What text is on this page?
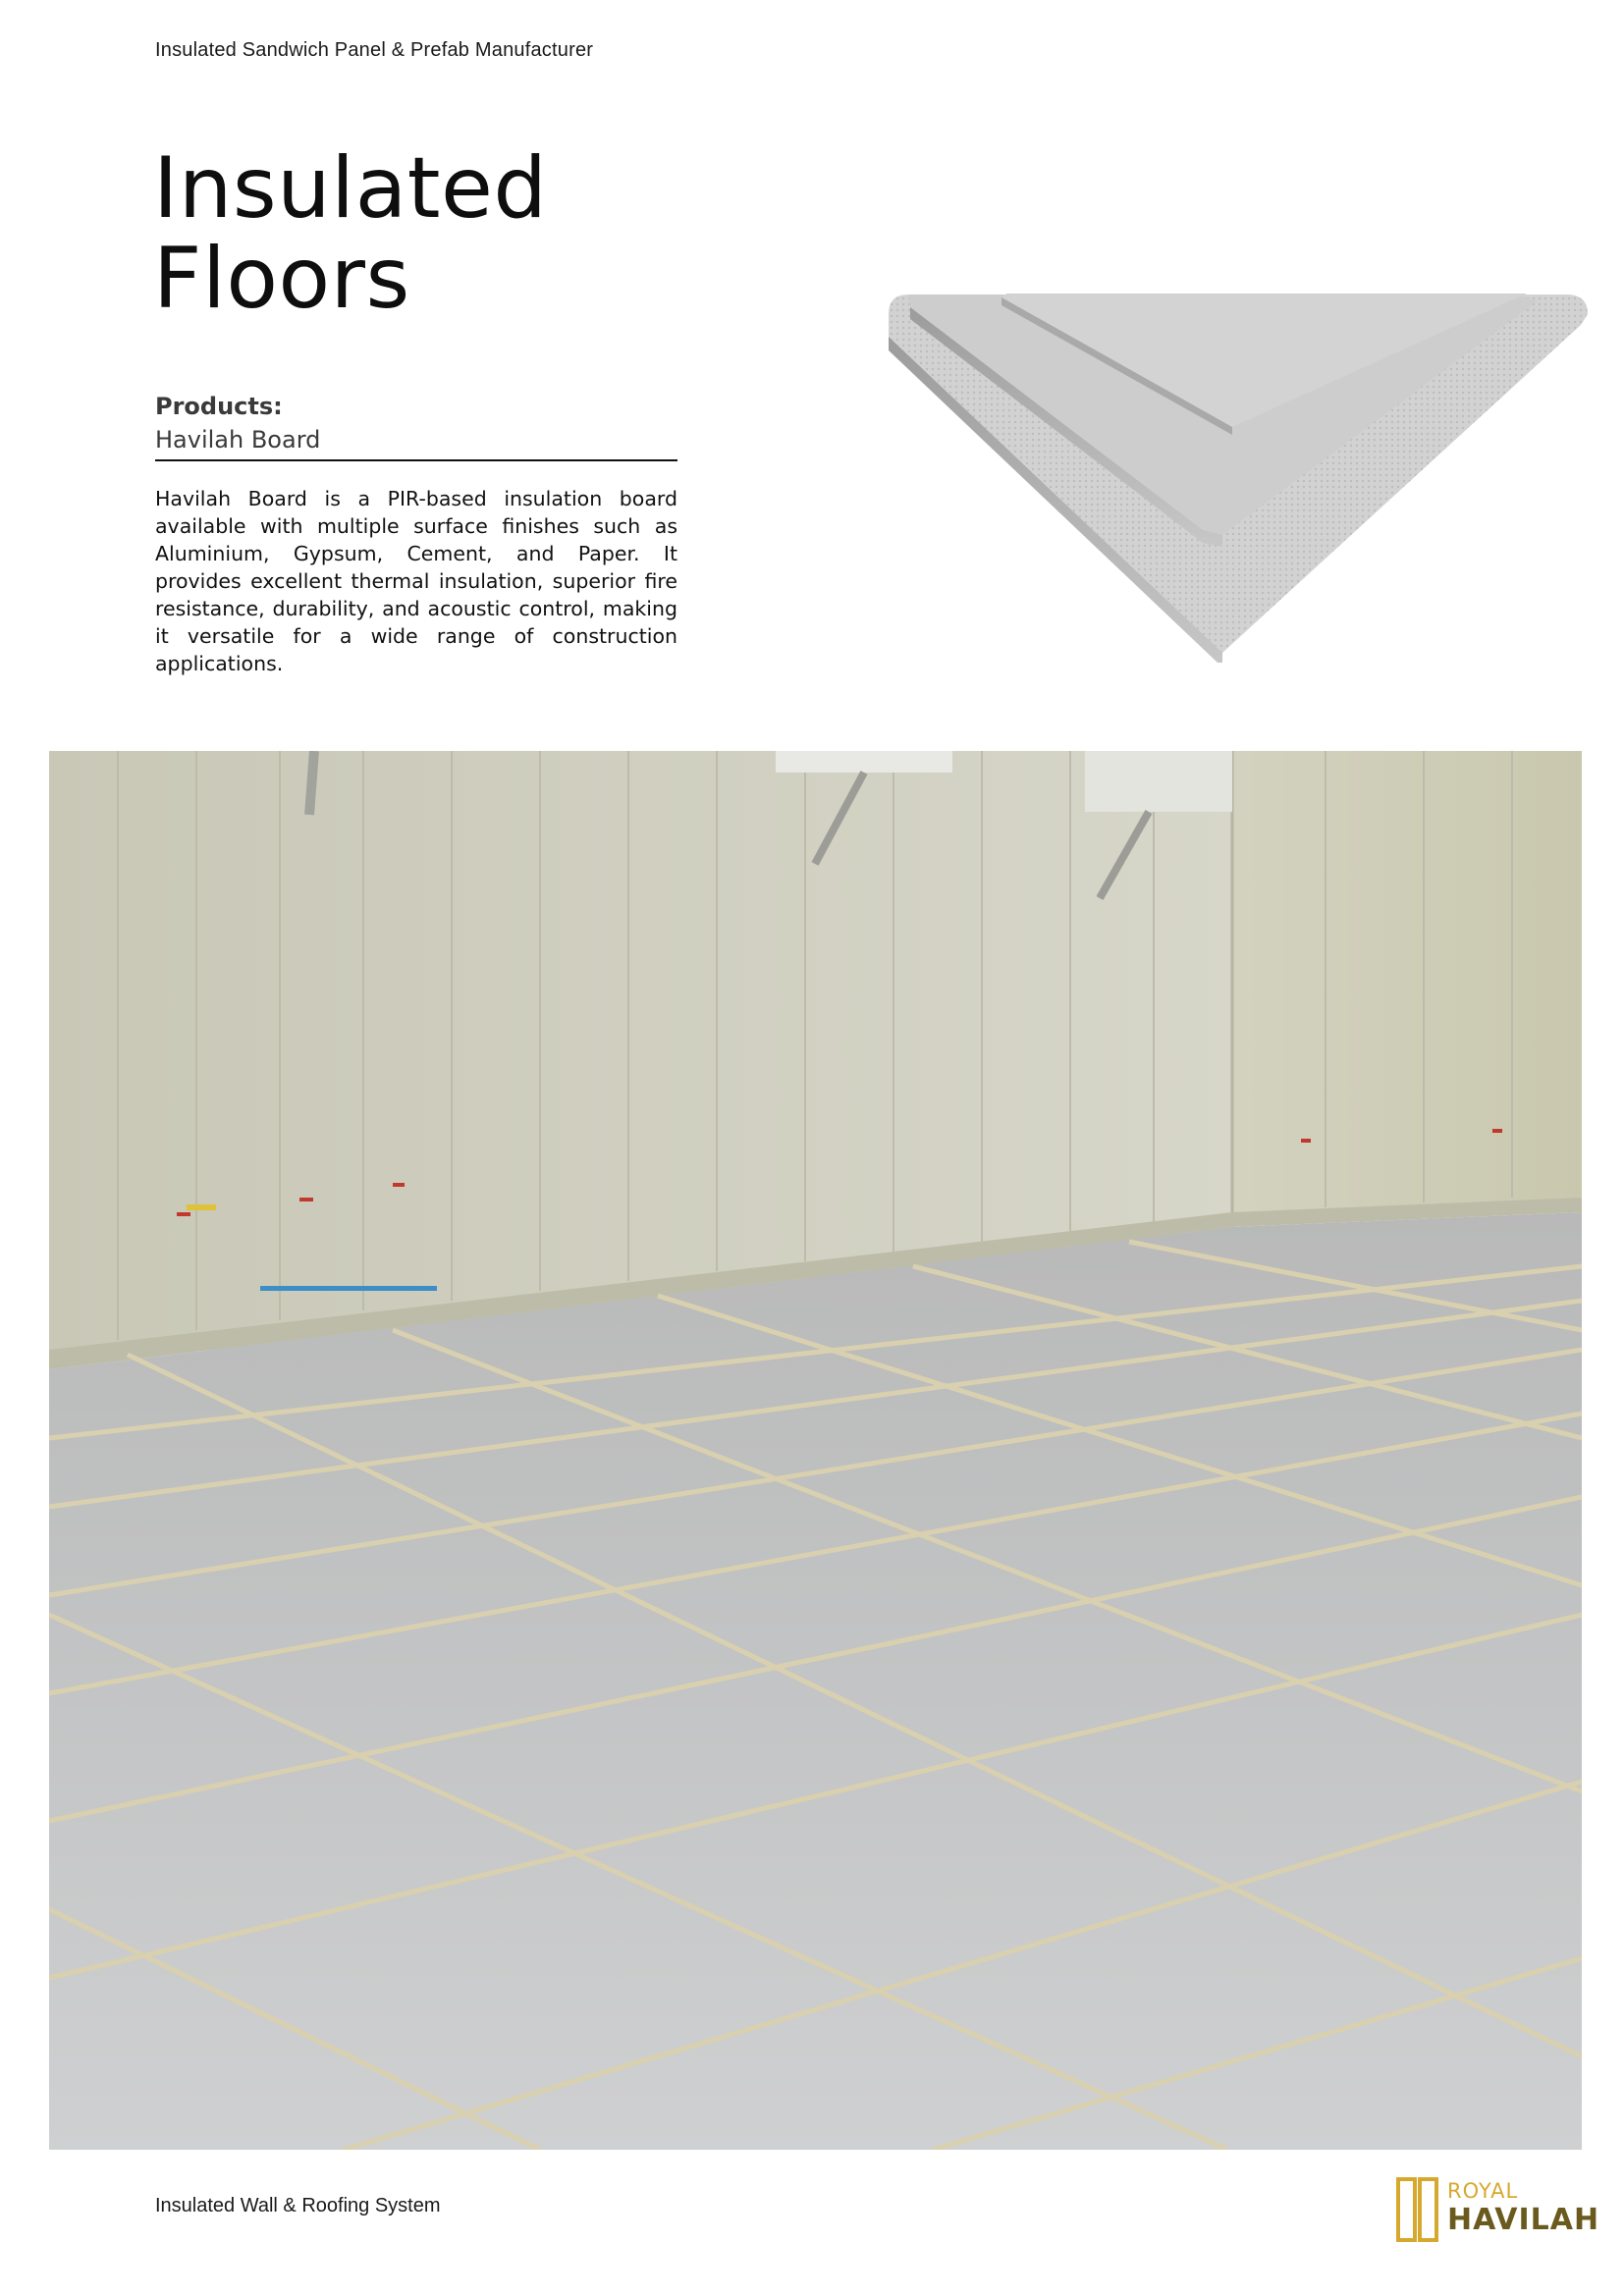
Insulated Sandwich Panel & Prefab Manufacturer
Insulated
Floors
Products:
Havilah Board

Havilah Board is a PIR-based insulation board available with multiple surface finishes such as Aluminium, Gypsum, Cement, and Paper. It provides excellent thermal insulation, superior fire resistance, durability, and acoustic control, making it versatile for a wide range of construction applications.

Insulated Wall & Roofing System
ROYAL
HAVILAH
